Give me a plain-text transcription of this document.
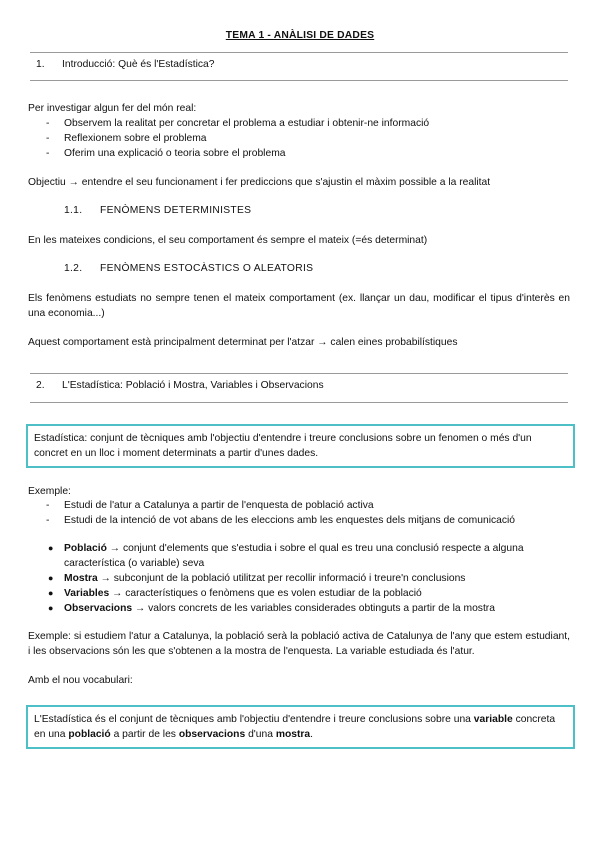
TEMA 1 - ANÀLISI DE DADES
1. Introducció: Què és l'Estadística?
Per investigar algun fer del món real:
- Observem la realitat per concretar el problema a estudiar i obtenir-ne informació
- Reflexionem sobre el problema
- Oferim una explicació o teoria sobre el problema
Objectiu → entendre el seu funcionament i fer prediccions que s'ajustin el màxim possible a la realitat
1.1. FENÒMENS DETERMINISTES
En les mateixes condicions, el seu comportament és sempre el mateix (=és determinat)
1.2. FENÒMENS ESTOCÀSTICS O ALEATORIS
Els fenòmens estudiats no sempre tenen el mateix comportament (ex. llançar un dau, modificar el tipus d'interès en una economia...)
Aquest comportament està principalment determinat per l'atzar → calen eines probabilístiques
2. L'Estadística: Població i Mostra, Variables i Observacions
Estadística: conjunt de tècniques amb l'objectiu d'entendre i treure conclusions sobre un fenomen o més d'un concret en un lloc i moment determinats a partir d'unes dades.
Exemple:
- Estudi de l'atur a Catalunya a partir de l'enquesta de població activa
- Estudi de la intenció de vot abans de les eleccions amb les enquestes dels mitjans de comunicació
● Població → conjunt d'elements que s'estudia i sobre el qual es treu una conclusió respecte a alguna característica (o variable) seva
● Mostra → subconjunt de la població utilitzat per recollir informació i treure'n conclusions
● Variables → característiques o fenòmens que es volen estudiar de la població
● Observacions → valors concrets de les variables considerades obtinguts a partir de la mostra
Exemple: si estudiem l'atur a Catalunya, la població serà la població activa de Catalunya de l'any que estem estudiant, i les observacions són les que s'obtenen a la mostra de l'enquesta. La variable estudiada és l'atur.
Amb el nou vocabulari:
L'Estadística és el conjunt de tècniques amb l'objectiu d'entendre i treure conclusions sobre una variable concreta en una població a partir de les observacions d'una mostra.
